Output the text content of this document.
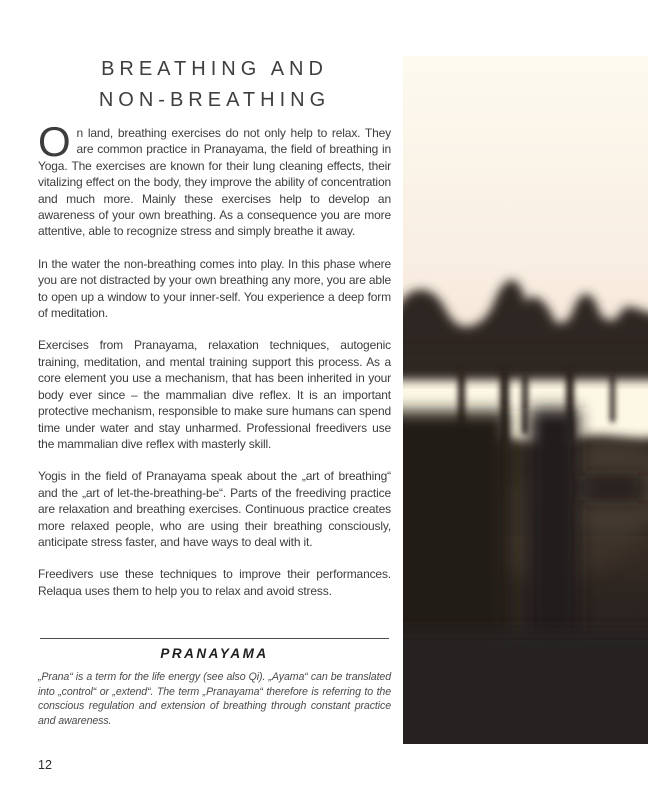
BREATHING AND
NON-BREATHING

O n land, breathing exercises do not only help to relax. They are common practice in Pranayama, the field of breathing in Yoga. The exercises are known for their lung cleaning effects, their vitalizing effect on the body, they improve the ability of concentration and much more. Mainly these exercises help to develop an awareness of your own breathing. As a consequence you are more attentive, able to recognize stress and simply breathe it away.

In the water the non-breathing comes into play. In this phase where you are not distracted by your own breathing any more, you are able to open up a window to your inner-self. You experience a deep form of meditation.

Exercises from Pranayama, relaxation techniques, autogenic training, meditation, and mental training support this process. As a core element you use a mechanism, that has been inherited in your body ever since – the mammalian dive reflex. It is an important protective mechanism, responsible to make sure humans can spend time under water and stay unharmed. Professional freedivers use the mammalian dive reflex with masterly skill.

Yogis in the field of Pranayama speak about the „art of breathing“ and the „art of let-the-breathing-be“. Parts of the freediving practice are relaxation and breathing exercises. Continuous practice creates more relaxed people, who are using their breathing consciously, anticipate stress faster, and have ways to deal with it.

Freedivers use these techniques to improve their performances. Relaqua uses them to help you to relax and avoid stress.

PRANAYAMA

„Prana“ is a term for the life energy (see also Qi). „Ayama“ can be translated into „control“ or „extend“. The term „Pranayama“ therefore is referring to the conscious regulation and extension of breathing through constant practice and awareness.

12
